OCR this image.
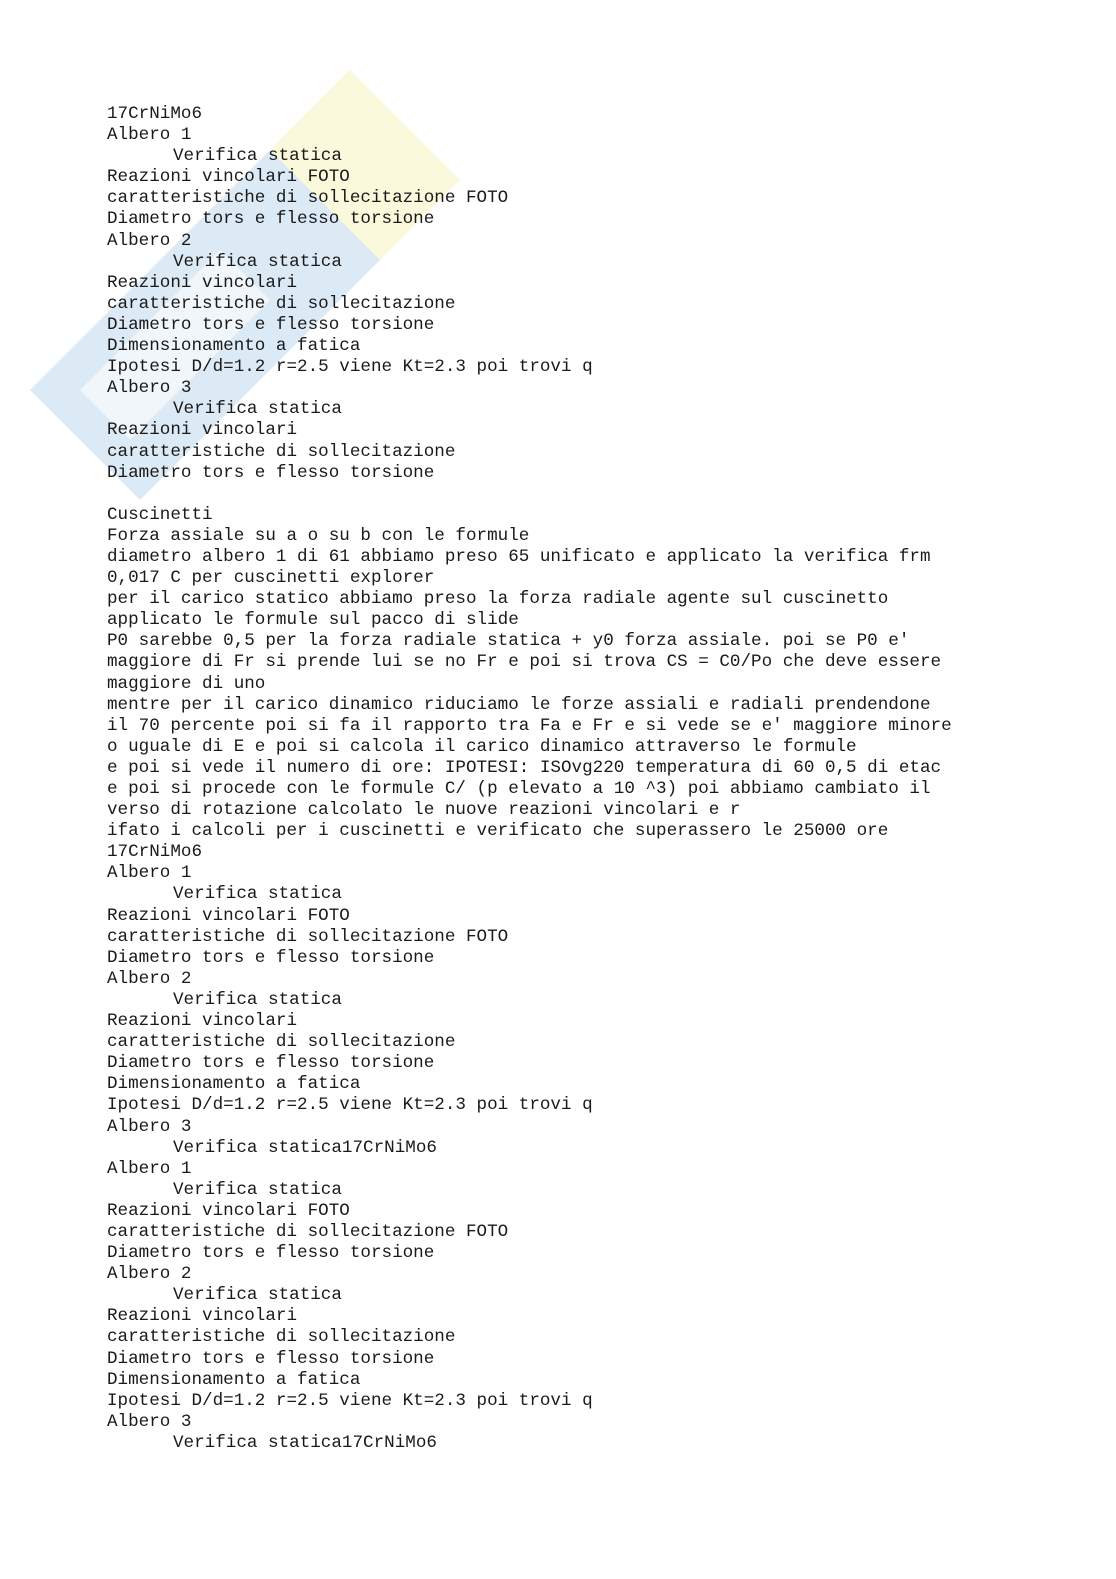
17CrNiMo6
Albero 1
Verifica statica
Reazioni vincolari FOTO
caratteristiche di sollecitazione FOTO
Diametro tors e flesso torsione
Albero 2
Verifica statica
Reazioni vincolari
caratteristiche di sollecitazione
Diametro tors e flesso torsione
Dimensionamento a fatica
Ipotesi D/d=1.2 r=2.5 viene Kt=2.3 poi trovi q
Albero 3
Verifica statica
Reazioni vincolari
caratteristiche di sollecitazione
Diametro tors e flesso torsione
Cuscinetti
Forza assiale su a o su b con le formule
diametro albero 1 di 61 abbiamo preso 65 unificato e applicato la verifica frm
0,017 C per cuscinetti explorer
per il carico statico abbiamo preso la forza radiale agente sul cuscinetto
applicato le formule sul pacco di slide
P0 sarebbe 0,5 per la forza radiale statica + y0 forza assiale. poi se P0 e'
maggiore di Fr si prende lui se no Fr e poi si trova CS = C0/Po che deve essere
maggiore di uno
mentre per il carico dinamico riduciamo le forze assiali e radiali prendendone
il 70 percente poi si fa il rapporto tra Fa e Fr e si vede se e' maggiore minore
o uguale di E e poi si calcola il carico dinamico attraverso le formule
e poi si vede il numero di ore: IPOTESI: ISOvg220 temperatura di 60 0,5 di etac
e poi si procede con le formule C/ (p elevato a 10 ^3) poi abbiamo cambiato il
verso di rotazione calcolato le nuove reazioni vincolari e r
ifato i calcoli per i cuscinetti e verificato che superassero le 25000 ore
17CrNiMo6
Albero 1
Verifica statica
Reazioni vincolari FOTO
caratteristiche di sollecitazione FOTO
Diametro tors e flesso torsione
Albero 2
Verifica statica
Reazioni vincolari
caratteristiche di sollecitazione
Diametro tors e flesso torsione
Dimensionamento a fatica
Ipotesi D/d=1.2 r=2.5 viene Kt=2.3 poi trovi q
Albero 3
Verifica statica17CrNiMo6
Albero 1
Verifica statica
Reazioni vincolari FOTO
caratteristiche di sollecitazione FOTO
Diametro tors e flesso torsione
Albero 2
Verifica statica
Reazioni vincolari
caratteristiche di sollecitazione
Diametro tors e flesso torsione
Dimensionamento a fatica
Ipotesi D/d=1.2 r=2.5 viene Kt=2.3 poi trovi q
Albero 3
Verifica statica17CrNiMo6
